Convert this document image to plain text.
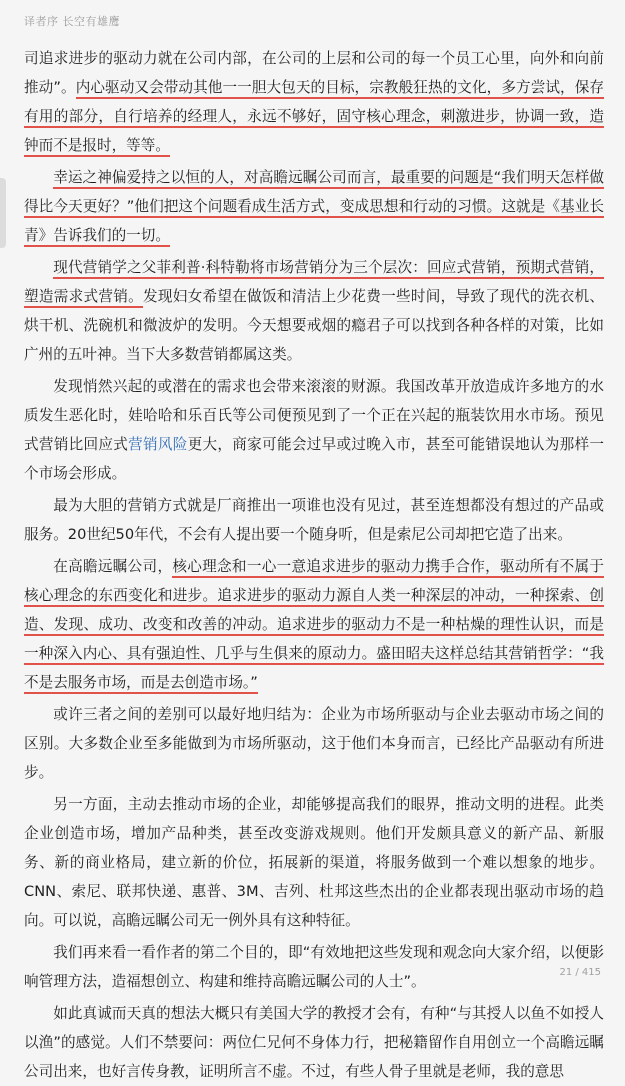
译者序 长空有雄鹰

司追求进步的驱动力就在公司内部，在公司的上层和公司的每一个员工心里，向外和向前推动”。内心驱动又会带动其他一一胆大包天的目标，宗教般狂热的文化，多方尝试，保存有用的部分，自行培养的经理人，永远不够好，固守核心理念，刺激进步，协调一致，造钟而不是报时，等等。

幸运之神偏爱持之以恒的人，对高瞻远瞩公司而言，最重要的问题是“我们明天怎样做得比今天更好？”他们把这个问题看成生活方式，变成思想和行动的习惯。这就是《基业长青》告诉我们的一切。

现代营销学之父菲利普·科特勒将市场营销分为三个层次：回应式营销，预期式营销，塑造需求式营销。发现妇女希望在做饭和清洁上少花费一些时间，导致了现代的洗衣机、烘干机、洗碗机和微波炉的发明。今天想要戒烟的瘾君子可以找到各种各样的对策，比如广州的五叶神。当下大多数营销都属这类。

发现悄然兴起的或潜在的需求也会带来滚滚的财源。我国改革开放造成许多地方的水质发生恶化时，娃哈哈和乐百氏等公司便预见到了一个正在兴起的瓶装饮用水市场。预见式营销比回应式营销风险更大，商家可能会过早或过晚入市，甚至可能错误地认为那样一个市场会形成。

最为大胆的营销方式就是厂商推出一项谁也没有见过，甚至连想都没有想过的产品或服务。20世纪50年代，不会有人提出要一个随身听，但是索尼公司却把它造了出来。

在高瞻远瞩公司，核心理念和一心一意追求进步的驱动力携手合作，驱动所有不属于核心理念的东西变化和进步。追求进步的驱动力源自人类一种深层的冲动，一种探索、创造、发现、成功、改变和改善的冲动。追求进步的驱动力不是一种枯燥的理性认识，而是一种深入内心、具有强迫性、几乎与生俱来的原动力。盛田昭夫这样总结其营销哲学：“我不是去服务市场，而是去创造市场。”

或许三者之间的差别可以最好地归结为：企业为市场所驱动与企业去驱动市场之间的区别。大多数企业至多能做到为市场所驱动，这于他们本身而言，已经比产品驱动有所进步。

另一方面，主动去推动市场的企业，却能够提高我们的眼界，推动文明的进程。此类企业创造市场，增加产品种类，甚至改变游戏规则。他们开发颇具意义的新产品、新服务、新的商业格局，建立新的价位，拓展新的渠道，将服务做到一个难以想象的地步。CNN、索尼、联邦快递、惠普、3M、吉列、杜邦这些杰出的企业都表现出驱动市场的趋向。可以说，高瞻远瞩公司无一例外具有这种特征。

我们再来看一看作者的第二个目的，即“有效地把这些发现和观念向大家介绍，以便影响管理方法，造福想创立、构建和维持高瞻远瞩公司的人士”。

如此真诚而天真的想法大概只有美国大学的教授才会有，有种“与其授人以鱼不如授人以渔”的感觉。人们不禁要问：两位仁兄何不身体力行，把秘籍留作自用创立一个高瞻远瞩公司出来，也好言传身教，证明所言不虚。不过，有些人骨子里就是老师，我的意思

21 / 415
